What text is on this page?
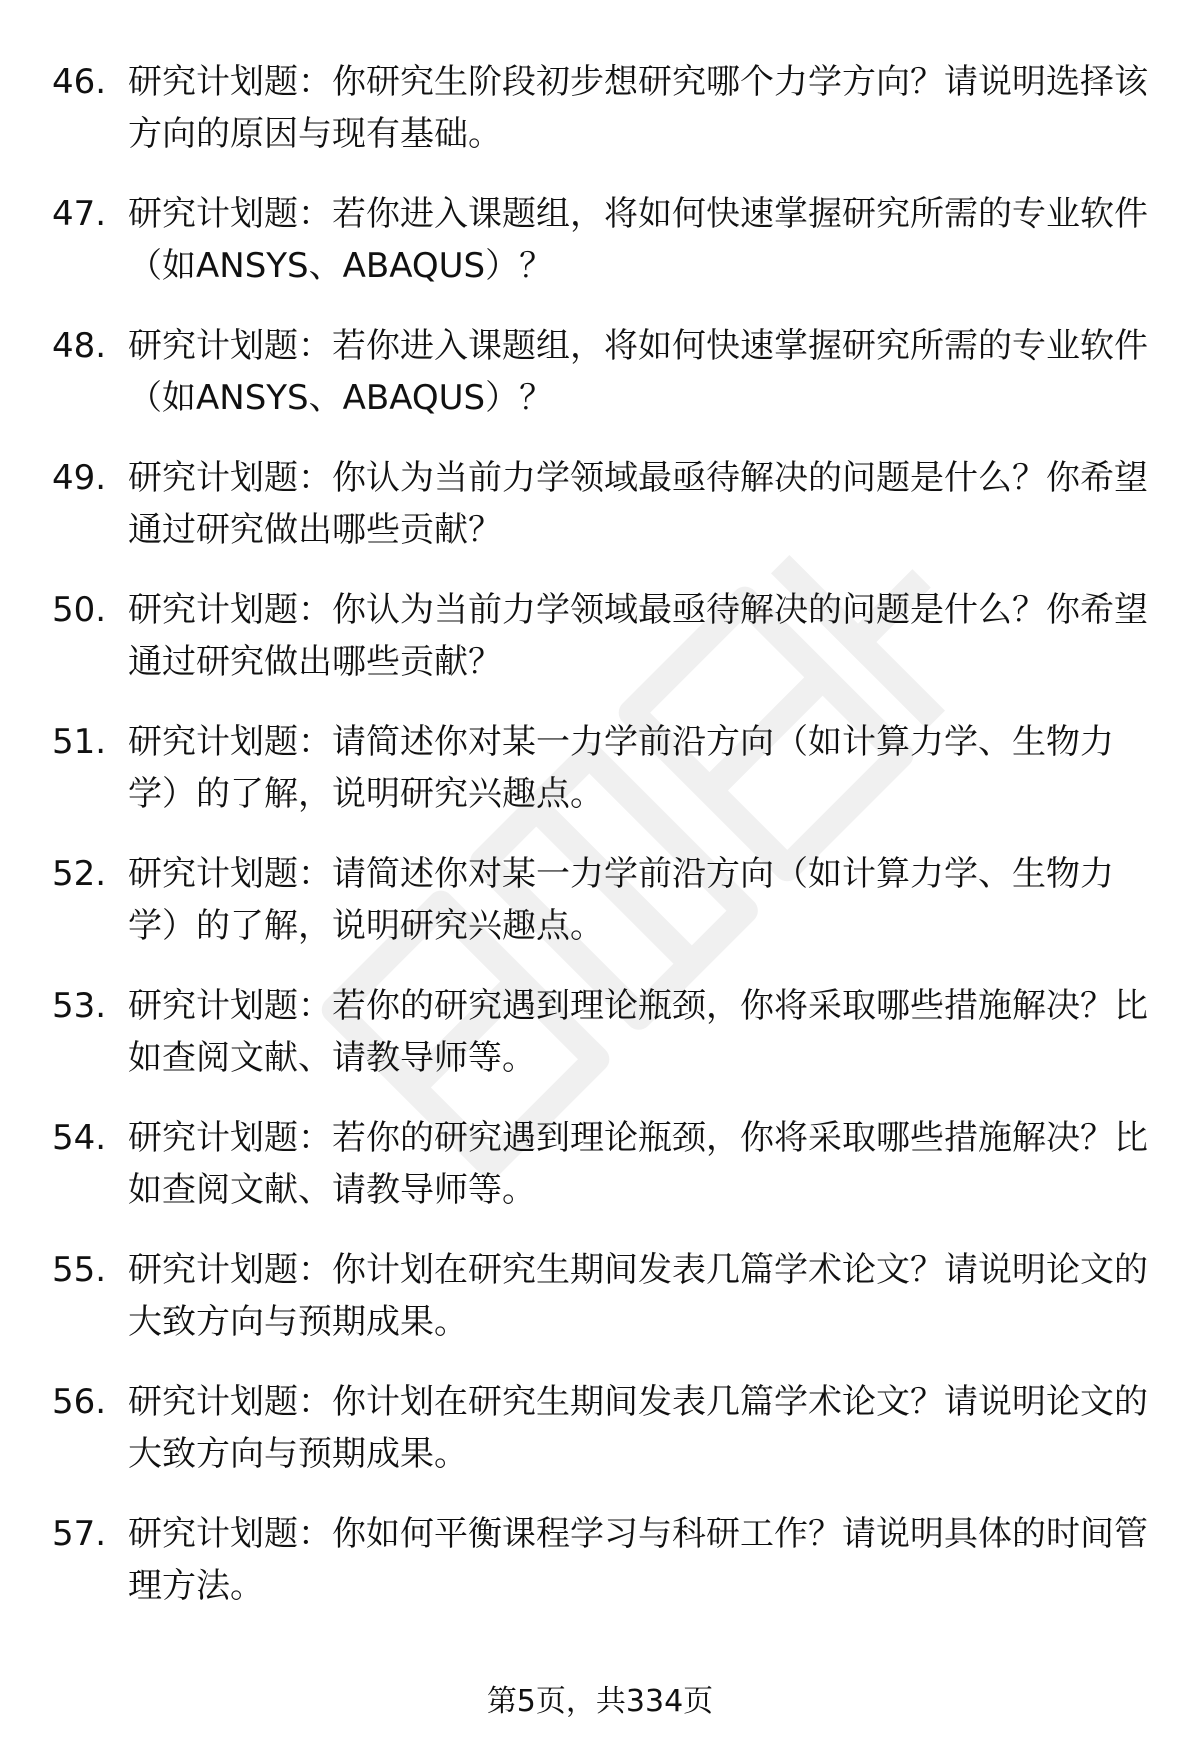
46. 研究计划题：你研究生阶段初步想研究哪个力学方向？请说明选择该方向的原因与现有基础。
47. 研究计划题：若你进入课题组，将如何快速掌握研究所需的专业软件（如ANSYS、ABAQUS）？
48. 研究计划题：若你进入课题组，将如何快速掌握研究所需的专业软件（如ANSYS、ABAQUS）？
49. 研究计划题：你认为当前力学领域最亟待解决的问题是什么？你希望通过研究做出哪些贡献？
50. 研究计划题：你认为当前力学领域最亟待解决的问题是什么？你希望通过研究做出哪些贡献？
51. 研究计划题：请简述你对某一力学前沿方向（如计算力学、生物力学）的了解，说明研究兴趣点。
52. 研究计划题：请简述你对某一力学前沿方向（如计算力学、生物力学）的了解，说明研究兴趣点。
53. 研究计划题：若你的研究遇到理论瓶颈，你将采取哪些措施解决？比如查阅文献、请教导师等。
54. 研究计划题：若你的研究遇到理论瓶颈，你将采取哪些措施解决？比如查阅文献、请教导师等。
55. 研究计划题：你计划在研究生期间发表几篇学术论文？请说明论文的大致方向与预期成果。
56. 研究计划题：你计划在研究生期间发表几篇学术论文？请说明论文的大致方向与预期成果。
57. 研究计划题：你如何平衡课程学习与科研工作？请说明具体的时间管理方法。
第5页，共334页
